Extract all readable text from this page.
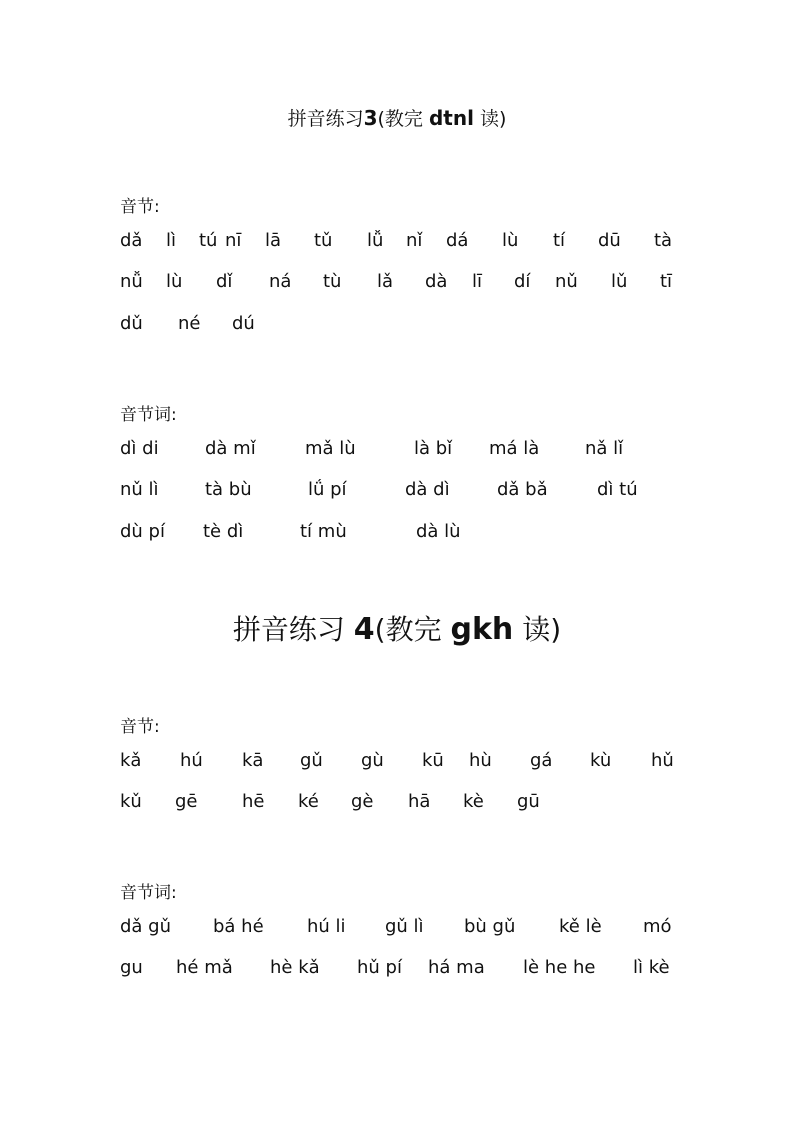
拼音练习3(教完 dtnl 读)
音节:
dǎ lì tú nī lā tǔ lǚ nǐ dá lù tí dū tà
nǚ lù dǐ ná tù lǎ dà lī dí nǔ lǔ tī
dǔ né dú
音节词:
dì di	dà mǐ	mǎ lù	là bǐ má là	nǎ lǐ
nǔ lì	tà bù	lǘ pí	dà dì	dǎ bǎ	dì tú
dù pí tè dì	tí mù	dà lù
拼音练习 4(教完 gkh 读)
音节:
kǎ hú kā gǔ gù kū hù gá kù hǔ
kǔ gē hē ké gè hā kè gū
音节词:
dǎ gǔ bá hé hú li gǔ lì bù gǔ kě lè mó
gu hé mǎ hè kǎ hǔ pí há ma lè he he lì kè
